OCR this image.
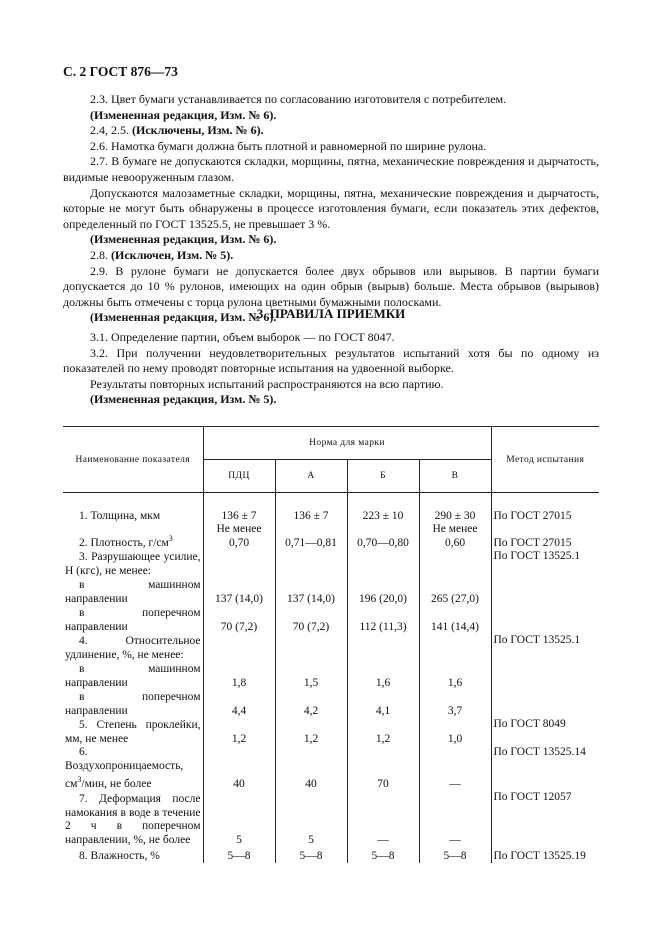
С. 2 ГОСТ 876—73

2.3. Цвет бумаги устанавливается по согласованию изготовителя с потребителем.

(Измененная редакция, Изм. № 6).

2.4, 2.5. (Исключены, Изм. № 6).

2.6. Намотка бумаги должна быть плотной и равномерной по ширине рулона.

2.7. В бумаге не допускаются складки, морщины, пятна, механические повреждения и дырчатость, видимые невооруженным глазом.

Допускаются малозаметные складки, морщины, пятна, механические повреждения и дырчатость, которые не могут быть обнаружены в процессе изготовления бумаги, если показатель этих дефектов, определенный по ГОСТ 13525.5, не превышает 3 %.

(Измененная редакция, Изм. № 6).

2.8. (Исключен, Изм. № 5).

2.9. В рулоне бумаги не допускается более двух обрывов или вырывов. В партии бумаги допускается до 10 % рулонов, имеющих на один обрыв (вырыв) больше. Места обрывов (вырывов) должны быть отмечены с торца рулона цветными бумажными полосками.

(Измененная редакция, Изм. № 6).

3. ПРАВИЛА ПРИЕМКИ

3.1. Определение партии, объем выборок — по ГОСТ 8047.

3.2. При получении неудовлетворительных результатов испытаний хотя бы по одному из показателей по нему проводят повторные испытания на удвоенной выборке.

Результаты повторных испытаний распространяются на всю партию.

(Измененная редакция, Изм. № 5).

Наименование показателя	Норма для марки				Метод испытания
	ПДЦ	А	Б	В	

1. Толщина, мкм	136 ± 7	136 ± 7	223 ± 10	290 ± 30	По ГОСТ 27015
2. Плотность, $г/см^3$	Не менее 0,70	0,71—0,81	0,70—0,80	Не менее 0,60	По ГОСТ 27015
3. Разрушающее усилие, Н (кгс), не менее:					По ГОСТ 13525.1
в машинном направлении	137 (14,0)	137 (14,0)	196 (20,0)	265 (27,0)	
в поперечном направлении	70 (7,2)	70 (7,2)	112 (11,3)	141 (14,4)	
4. Относительное удлинение, %, не менее:					По ГОСТ 13525.1
в машинном направлении	1,8	1,5	1,6	1,6	
в поперечном направлении	4,4	4,2	4,1	3,7	
5. Степень проклейки, мм, не менее	1,2	1,2	1,2	1,0	По ГОСТ 8049
6. Воздухопроницаемость, $см^3$/мин, не более	40	40	70	—	По ГОСТ 13525.14
7. Деформация после намокания в воде в течение 2 ч в поперечном направлении, %, не более	5	5	—	—	По ГОСТ 12057
8. Влажность, %	5—8	5—8	5—8	5—8	По ГОСТ 13525.19
